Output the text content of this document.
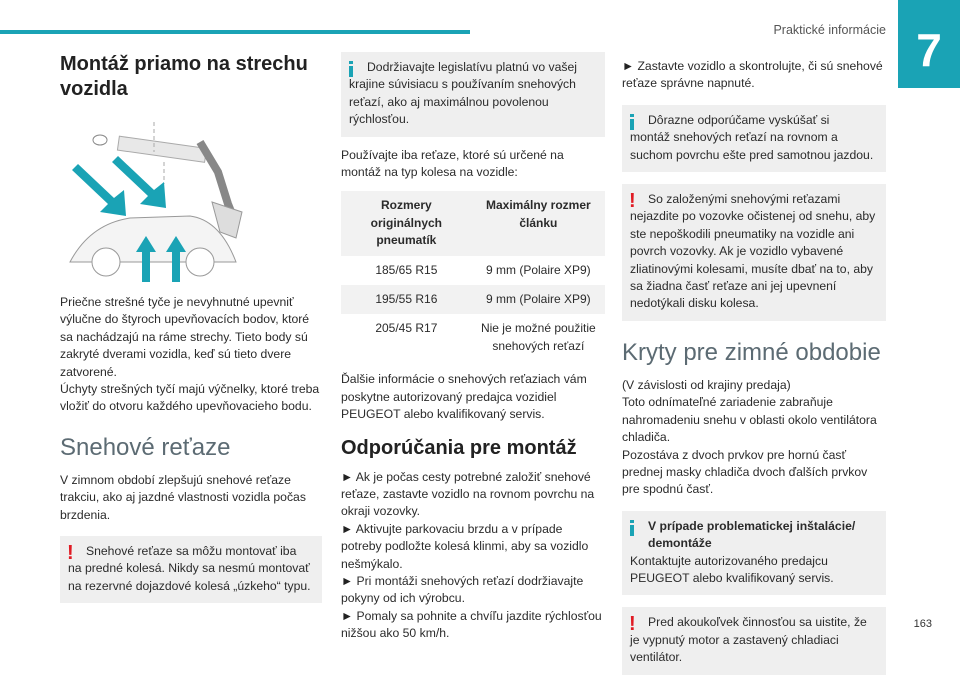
Praktické informácie 7
Montáž priamo na strechu vozidla

Priečne strešné tyče je nevyhnutné upevniť výlučne do štyroch upevňovacích bodov, ktoré sa nachádzajú na ráme strechy. Tieto body sú zakryté dverami vozidla, keď sú tieto dvere zatvorené.

Úchyty strešných tyčí majú výčnelky, ktoré treba vložiť do otvoru každého upevňovacieho bodu.

Snehové reťaze

V zimnom období zlepšujú snehové reťaze trakciu, ako aj jazdné vlastnosti vozidla počas brzdenia.

!	Snehové reťaze sa môžu montovať iba
na predné kolesá. Nikdy sa nesmú montovať na rezervné dojazdové kolesá „úzkeho“ typu.
Dodržiavajte legislatívu platnú vo vašej
krajine súvisiacu s používaním snehových reťazí, ako aj maximálnou povolenou rýchlosťou.

Používajte iba reťaze, ktoré sú určené na montáž na typ kolesa na vozidle:

Rozmery originálnych pneumatík	Maximálny rozmer článku
185/65 R15	9 mm (Polaire XP9)
195/55 R16	9 mm (Polaire XP9)
205/45 R17	Nie je možné použitie snehových reťazí

Ďalšie informácie o snehových reťaziach vám poskytne autorizovaný predajca vozidiel PEUGEOT alebo kvalifikovaný servis.

Odporúčania pre montáž

► Ak je počas cesty potrebné založiť snehové reťaze, zastavte vozidlo na rovnom povrchu na okraji vozovky.

► Aktivujte parkovaciu brzdu a v prípade potreby podložte kolesá klinmi, aby sa vozidlo nešmýkalo.

► Pri montáži snehových reťazí dodržiavajte pokyny od ich výrobcu.

► Pomaly sa pohnite a chvíľu jazdite rýchlosťou nižšou ako 50 km/h.

► Zastavte vozidlo a skontrolujte, či sú snehové reťaze správne napnuté.

Dôrazne odporúčame vyskúšať si
montáž snehových reťazí na rovnom a suchom povrchu ešte pred samotnou jazdou.
!	So založenými snehovými reťazami
nejazdite po vozovke očistenej od snehu, aby ste nepoškodili pneumatiky na vozidle ani povrch vozovky. Ak je vozidlo vybavené zliatinovými kolesami, musíte dbať na to, aby sa žiadna časť reťaze ani jej upevnení nedotýkali disku kolesa.
Kryty pre zimné obdobie

(V závislosti od krajiny predaja)

Toto odnímateľné zariadenie zabraňuje nahromadeniu snehu v oblasti okolo ventilátora chladiča.

Pozostáva z dvoch prvkov pre hornú časť prednej masky chladiča dvoch ďalších prvkov pre spodnú časť.

V prípade problematickej inštalácie/
demontáže
Kontaktujte autorizovaného predajcu PEUGEOT alebo kvalifikovaný servis.
!	Pred akoukoľvek činnosťou sa uistite, že
je vypnutý motor a zastavený chladiaci ventilátor.
163
